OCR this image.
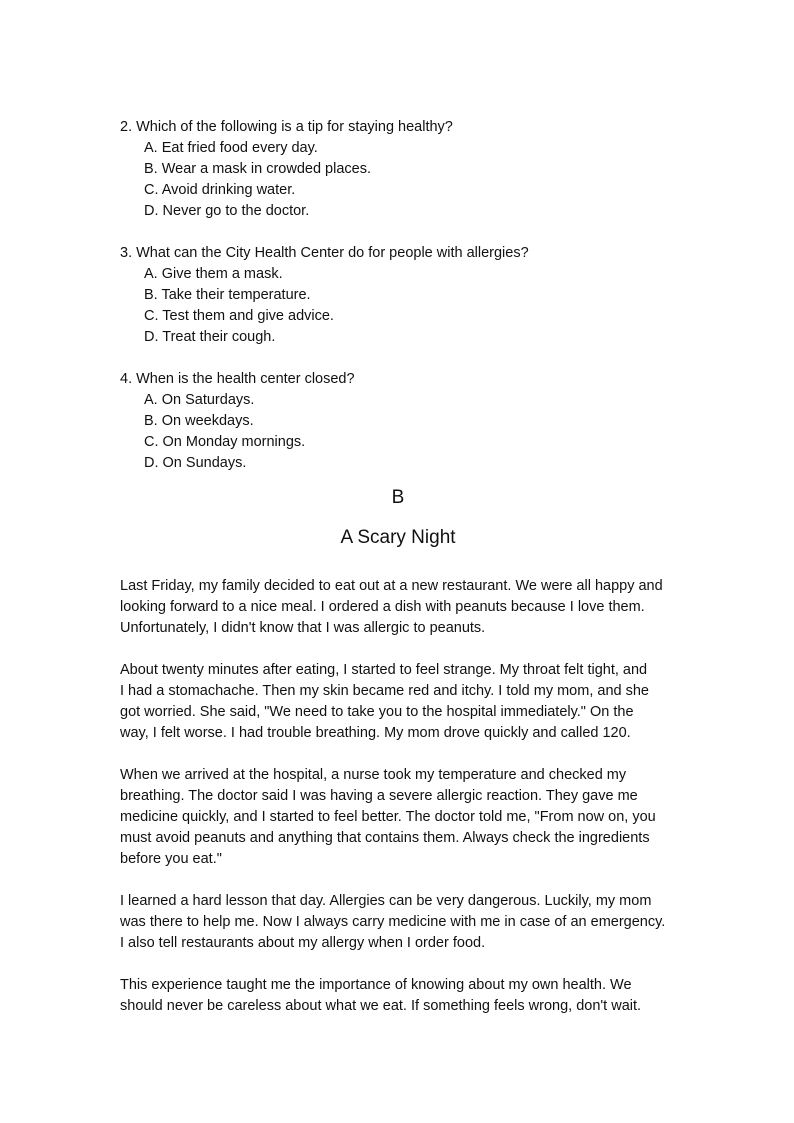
2. Which of the following is a tip for staying healthy?

A. Eat fried food every day.

B. Wear a mask in crowded places.

C. Avoid drinking water.

D. Never go to the doctor.

3. What can the City Health Center do for people with allergies?

A. Give them a mask.

B. Take their temperature.

C. Test them and give advice.

D. Treat their cough.

4. When is the health center closed?

A. On Saturdays.

B. On weekdays.

C. On Monday mornings.

D. On Sundays.

B
A Scary Night
Last Friday, my family decided to eat out at a new restaurant. We were all happy and
looking forward to a nice meal. I ordered a dish with peanuts because I love them.
Unfortunately, I didn't know that I was allergic to peanuts.
About twenty minutes after eating, I started to feel strange. My throat felt tight, and
I had a stomachache. Then my skin became red and itchy. I told my mom, and she
got worried. She said, "We need to take you to the hospital immediately." On the
way, I felt worse. I had trouble breathing. My mom drove quickly and called 120.
When we arrived at the hospital, a nurse took my temperature and checked my
breathing. The doctor said I was having a severe allergic reaction. They gave me
medicine quickly, and I started to feel better. The doctor told me, "From now on, you
must avoid peanuts and anything that contains them. Always check the ingredients
before you eat."
I learned a hard lesson that day. Allergies can be very dangerous. Luckily, my mom
was there to help me. Now I always carry medicine with me in case of an emergency.
I also tell restaurants about my allergy when I order food.
This experience taught me the importance of knowing about my own health. We
should never be careless about what we eat. If something feels wrong, don't wait.
